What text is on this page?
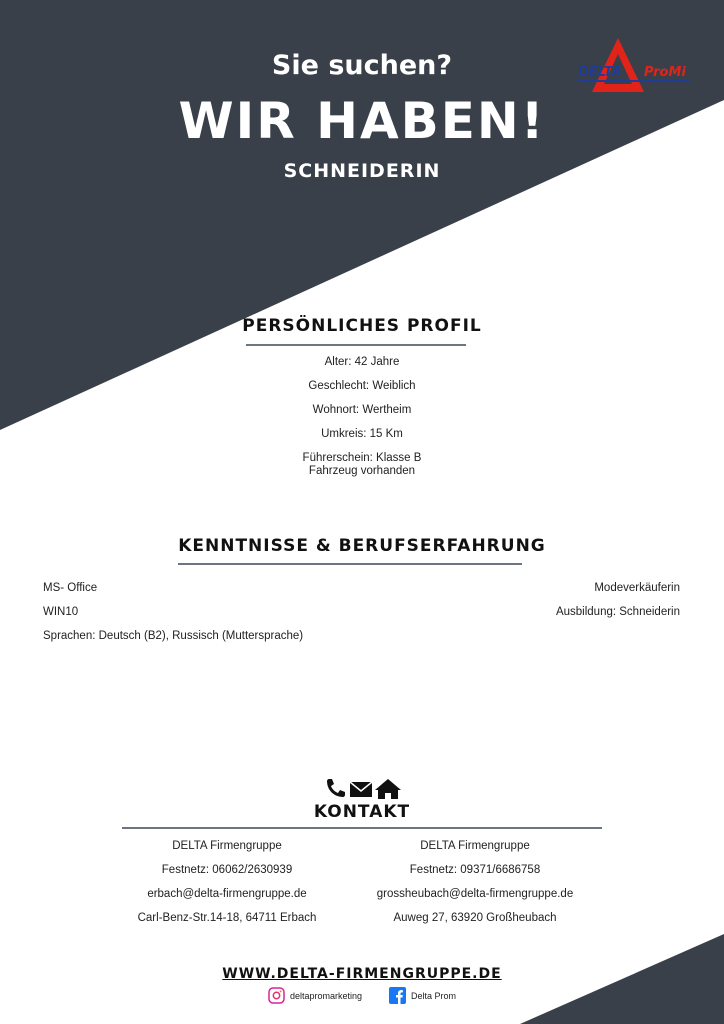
DELTA ProMi
Sie suchen?
WIR HABEN!
SCHNEIDERIN
PERSÖNLICHES PROFIL
Alter: 42 Jahre
Geschlecht: Weiblich
Wohnort: Wertheim
Umkreis: 15 Km
Führerschein: Klasse B
Fahrzeug vorhanden
KENNTNISSE & BERUFSERFAHRUNG
MS- Office
WIN10
Sprachen: Deutsch (B2), Russisch (Muttersprache)
Modeverkäuferin
Ausbildung: Schneiderin
KONTAKT
DELTA Firmengruppe
Festnetz: 06062/2630939
erbach@delta-firmengruppe.de
Carl-Benz-Str.14-18, 64711 Erbach
DELTA Firmengruppe
Festnetz: 09371/6686758
grossheubach@delta-firmengruppe.de
Auweg 27, 63920 Großheubach
WWW.DELTA-FIRMENGRUPPE.DE
deltapromarketing	Delta Prom
